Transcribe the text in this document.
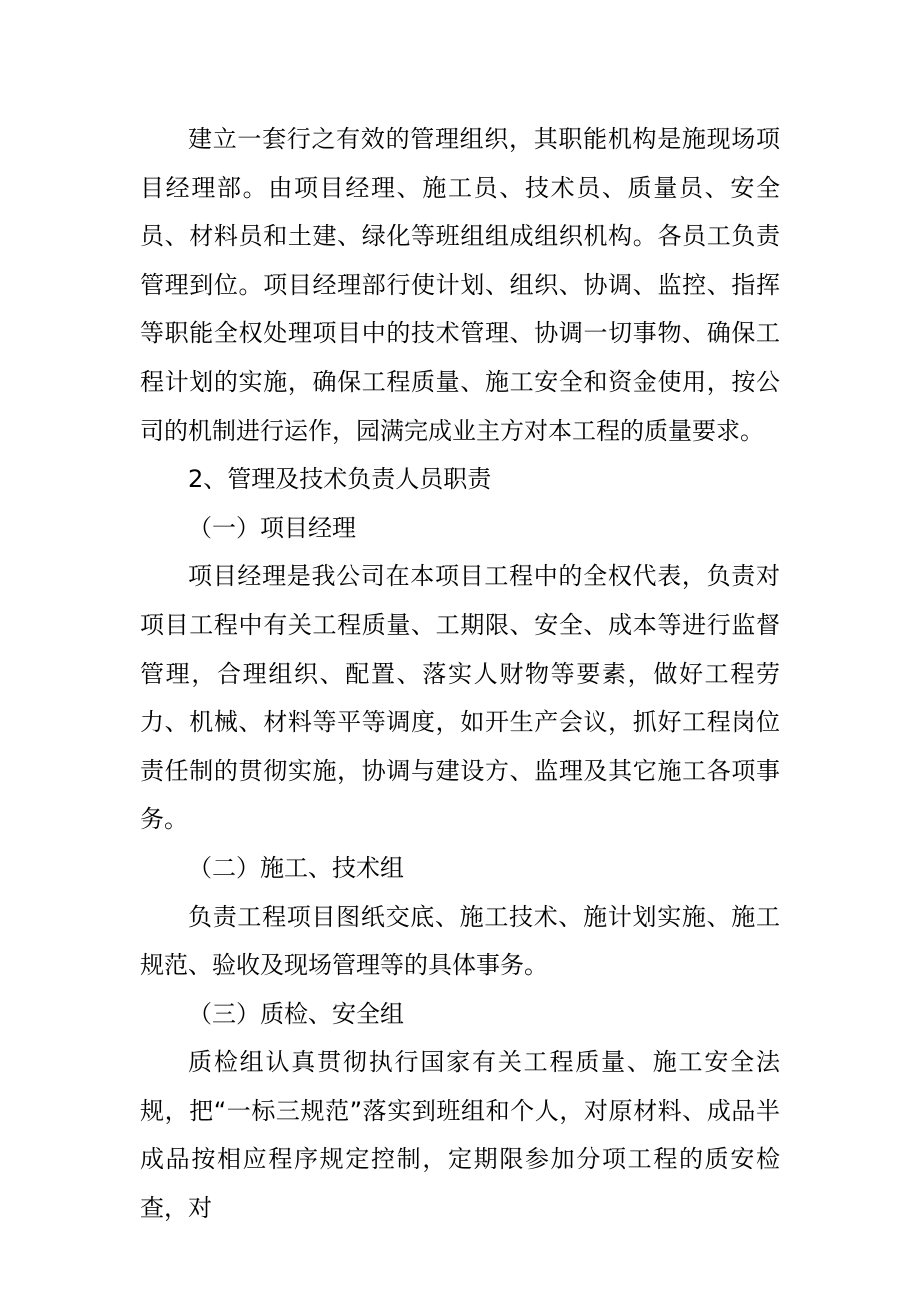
建立一套行之有效的管理组织，其职能机构是施现场项目经理部。由项目经理、施工员、技术员、质量员、安全员、材料员和土建、绿化等班组组成组织机构。各员工负责管理到位。项目经理部行使计划、组织、协调、监控、指挥等职能全权处理项目中的技术管理、协调一切事物、确保工程计划的实施，确保工程质量、施工安全和资金使用，按公司的机制进行运作，园满完成业主方对本工程的质量要求。

2、管理及技术负责人员职责

（一）项目经理

项目经理是我公司在本项目工程中的全权代表，负责对项目工程中有关工程质量、工期限、安全、成本等进行监督管理，合理组织、配置、落实人财物等要素，做好工程劳力、机械、材料等平等调度，如开生产会议，抓好工程岗位责任制的贯彻实施，协调与建设方、监理及其它施工各项事务。

（二）施工、技术组

负责工程项目图纸交底、施工技术、施计划实施、施工规范、验收及现场管理等的具体事务。

（三）质检、安全组

质检组认真贯彻执行国家有关工程质量、施工安全法规，把“一标三规范”落实到班组和个人，对原材料、成品半成品按相应程序规定控制，定期限参加分项工程的质安检查，对
